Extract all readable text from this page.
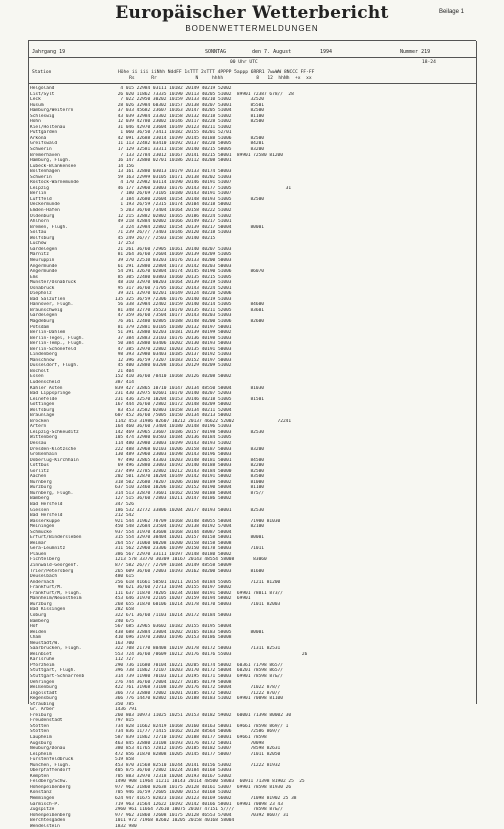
Europäischer Wetterbericht	Beilage 1
BODENWETTERMELDUNGEN
Jahrgang 19	SONNTAG	den 7. August	1994	Nummer 219
00 Uhr UTC	18-24
Station	Höhe ii iii iiNhh NddFF 1sTTT 2sTTT 4PPPP 5appp 6RRR1 7wwWW 8NCCC FF-FF
Rs      Rr              N     hhhh            8   12  hhNh  +x  xx
Helgoland	4 015 22984 03111 10182 20149 40219 52002
List/Sylt	26 020 11862 73335 10190 20113 40205 51002  89901 72387 678//  28
Leck	7 022 22950 30202 10159 20133 40210 51002       32520
Husum	28 026 32984 60302 10157 20138 40207 53001       85501
Hamburg/Weiterrn	37 033 45682 23607 10163 20147 40205 51004       82500
Schleswig	43 039 32984 23302 10158 20132 40218 51002       81100
Hohn	12 039 42780 23002 10146 20117 40228 51002       82500
Kiel/Holtenau	31 046 42970 23604 10149 20123 40211 51002
Puttgarden	1 060 36/50 /3411 10182 20155 40201 52/01
Arkona	42 091 32688 23014 10199 20145 40188 51006       82500
Greifswald	11 113 22482 83410 10192 20137 40220 58005       84201
Schwerin	17 129 32581 33311 10158 20140 40215 58005       83200
Bremerhaven	7 133 22784 23012 10167 20141 40215 58001  89901 72580 81200
Hamburg, Flugh.	16 147 32880 02701 10186 20112 40208 58001
Lübeck-Blankensee	14 156
Boltenhagen	13 161 32880 03013 10179 20133 40174 58003
Schwerin	59 163 22999 03105 10171 20138 40202 51003
Rostock-Warnemünde	4 170 22982 03114 10190 20146 40191 51007
Leipzig	46 177 32960 23003 10176 20143 40177 51005                    31
Berlin	7 180 26/69 /3105 10180 20143 40191 51007
Luftfeld	3 184 32680 22604 10154 20148 40193 51005       82500
Ueckermünde	1 193 26/59 /2315 10174 20104 40218 50002
Emden-Hafen	5 203 36/60 /3404 10164 20158 40222 51002
Oldenburg	12 215 32882 02802 10165 20186 40224 51002
Ahlhorn	49 218 42884 02002 10166 20149 40217 51001
Bremen, Flugh.	3 224 32984 22802 10154 20139 40217 50004       80001
Soltau	71 239 26/// /3403 10146 20120 40218 51003
Wolfsburg	45 249 26/// /2503 10158 20140 40215
Lüchow	17 253
Gardelegen	21 261 36/60 /2905 10161 20140 40207 51003
Marnitz	81 264 36/60 /2604 10169 20139 40209 51005
Neuruppin	39 270 22510 03203 10176 20133 40200 50003
Angermünde	61 291 32880 22804 10173 20142 40203 50003
Angermünde	54 291 32670 02804 10174 20145 40190 51006       86070
Ems	85 305 22480 03803 10160 20135 40215 51005
Münster/Osnabrück	48 310 32970 00203 10164 20139 40219 51003
Osnabrück	95 317 36/60 /1705 10162 20143 40224 52001
Diepholz	39 321 32970 02201 10149 20124 40220 52006
Bad Salzuflen	135 325 36/59 /2306 10176 20140 40219 51003
Hannover, Flugh.	56 338 32984 22402 10159 20140 40214 51005       84600
Braunschweig	81 348 32770 35523 10170 20135 40211 52005       83601
Gardelegen	47 359 36/60 /3504 10177 20143 40203 51003
Magdeburg	76 361 22480 02805 10188 20148 40200 51006       82600
Potsdam	81 379 22881 03105 10180 20132 40197 50001
Berlin-Dahlem	51 391 32880 02203 10181 20139 40199 50002
Berlin-Tegel, Flugh.	37 384 32883 23103 10176 20136 40198 51003
Berlin-Temp., Flugh.	50 384 32880 03406 10202 20130 40193 50003
Berlin-Schönefeld	47 385 32970 22802 10203 20135 40191 50003
Lindenberg	98 393 32980 03403 10185 20137 40192 51003
Manschnow	12 396 36/59 /3207 10183 20152 40197 50003
Düsseldorf, Flugh.	45 400 32880 03208 10163 20129 40209 51002
Bocholt	21 404
Essen	152 410 36/60 /0410 10168 20126 40208 50002
Lüdenscheid	387 414
Kahler Asten	839 427 32865 10710 10147 20134 48550 58004       81030
Bad Lippspringe	231 430 32975 02601 10170 20140 40207 52003
Leinefelde	231 436 32570 10204 10153 20146 40218 51005       81501
Göttingen	167 444 26/60 /2802 10172 20148 40209 50002
Wolfsburg	83 453 32582 02803 10158 20134 40211 52004
Braunlage	607 452 36/60 /5005 10150 20134 40213 50002
Brocken	1142 453 31986 02607 10212 20137 46622 52002                72241
Artern	164 460 36/60 /3404 10180 20148 40196 51003
Leipzig-Schkeuditz	142 469 32965 23607 10186 20157 40198 58003       82530
Wittenberg	105 474 32980 03503 10184 20136 40184 51005
Dessau	114 480 32980 23003 10199 20143 40193 51002
Dresden-Klotzsche	222 488 32968 02103 10206 20158 40187 50003       83200
Großenhain	130 489 32960 23003 10198 20143 40196 50003
Doberlug-Kirchhain	97 490 32865 43303 10203 20148 40181 50001       84500
Cottbus	69 496 32880 23003 10192 20140 40188 50003       82200
Görlitz	237 499 22785 32802 10212 20143 40184 50000       82500
Aachen	202 501 32870 10204 10149 20142 40191 58002       83500
Nürnberg	318 502 22680 70207 10206 20160 40189 58002       81000
Würzburg	637 510 32460 10206 10182 20152 40190 58004       81100
Nürnberg, Flugh.	314 513 32870 73601 10162 20150 40188 58004       875//
Bamberg	127 515 36/60 /2803 10211 20147 40186 58002
Bad Hersfeld	347 526
Giessen	186 532 32772 33806 10204 20177 40193 58001       82530
Bad Hersfeld	212 542
Wasserkuppe	921 544 31962 70709 10168 20148 48055 58004       71900 81030
Meiningen	450 548 22684 23504 10192 20138 40192 57004       82100
Schmücke	937 554 31970 43608 10168 20144 48087 58004
Erfurt/Bindersleben	315 554 32970 30404 10201 20157 40158 58001       80001
Weimar	264 557 31060 00208 10200 20158 40158 58008
Gera-Leumnitz	311 562 22960 23306 10199 20150 40178 58003       71011
Plauen	386 567 22970 33111 10197 20148 40180 58002
Fichtelberg	1213 578 33770 30309 10167 20143 48554 58008       83060
Zinnwald-Georgenf.	877 582 26/// /2709 10184 20149 48558 58009
Trier/Petersberg	265 609 36/60 /2003 10193 20162 40200 58003       81600
Deuselbach	480 615
Andernach	256 618 41661 50501 10211 20154 40184 55005       71211 81200
Frankfurt/M.	98 621 36/60 /2713 10194 20155 40197 58002
Frankfurt/M, Flugh.	111 637 11870 70205 10234 20168 40191 50002  69901 78011 873//
Mannheim/Neuostheim	453 646 31970 22105 10207 20159 40194 58002  69901
Würzburg	268 655 31870 60106 10214 20178 40170 50003       71011 82003
Bad Kissingen	282 658
Coburg	322 671 36/60 /1103 10214 20172 40184 58003
Bamberg	240 675
Hof	567 685 32965 03602 10182 20155 40195 58004
Weiden	438 688 32884 23004 10202 20165 40183 58005       80001
Cham	410 696 31970 23003 10196 20153 40186 58008
Neustadt/W.	163 700
Saarbrücken, Flugh.	322 708 21770 80408 10219 20178 40172 58003       71311 82531
Weinbiet	553 724 36/60 /0609 10212 20176 40176 55003                          26
Karlsruhe	112 727
Pforzheim	290 736 11680 70104 10221 20205 40174 58002  60361 71798 8657/
Stuttgart, Flugh.	396 738 11862 72107 10203 20170 40172 58004  60201 78598 8657/
Stuttgart-Schnarrenb	314 739 11980 70103 10213 20195 40171 58003  69901 78598 87&//
Oehringen	276 744 36/60 /2004 10227 20185 40179 58008
Weißenburg	422 761 31968 73108 10239 20176 40172 58004       71022 878//
Ingolstadt	366 773 32880 72002 10201 20185 40172 58002       71222 870//
Regensburg	366 776 14470 82802 10216 20188 40183 51002  69901 70098 81100
Straubing	350 785
Gr. Arber	1436 791
Freiburg	260 803 10973 11025 10251 20153 40182 59002  60001 71398 80002 30
Freudenstadt	797 815
Stötten	734 828 11662 82419 10168 20160 48163 58001  69661 78598 869// 1
Stötten	734 836 11/77 /1415 10162 20128 48564 50006       72586 869//
Laupheim	587 839 11862 72710 10192 20188 40177 58001  69661 78598
Augsburg	463 845 32880 23108 10193 20176 40172 58001       70098
Neuburg/Donau	380 853 41765 72812 10195 20185 40182 53007       78598 82631
Leipheim	472 856 31870 82808 10205 20145 40177 50007       71011 82050
Fürstenfeldbruck	519 858
München, Flugh.	453 870 31568 82510 10244 20141 40156 53002       71222 81932
Oberpfaffendorf	405 875 36/60 /2802 10224 20184 40168 53003
Kempten	705 883 32970 72318 10204 20193 40167 53002
Feldberg/Schw.	1490 908 11964 11211 10143 20114 48500 58003  60911 71398 81902 25  25
Hohenpeißenberg	977 962 31860 82638 10175 20128 40161 53007  69901 78598 81930 26
Konstanz	705 946 16/59 /2605 10200 20153 40168 51002
Memmingen	624 947 41675 82823 10183 20123 40169 56002       71098 81902 25 38
Garmisch-P.	719 963 31564 12622 10192 20142 40166 58001  69901 70098 23 43
Zugspitze	2960 961 11664 72610 10075 20107 47151 5////       78598 87&//
Hohenpeißenberg	977 962 31860 72608 10175 20128 46553 57004       70392 8607/ 31
Berchtesgaden	1011 972 71968 82602 10205 20158 40168 58004
Wendelstein	1832 980
